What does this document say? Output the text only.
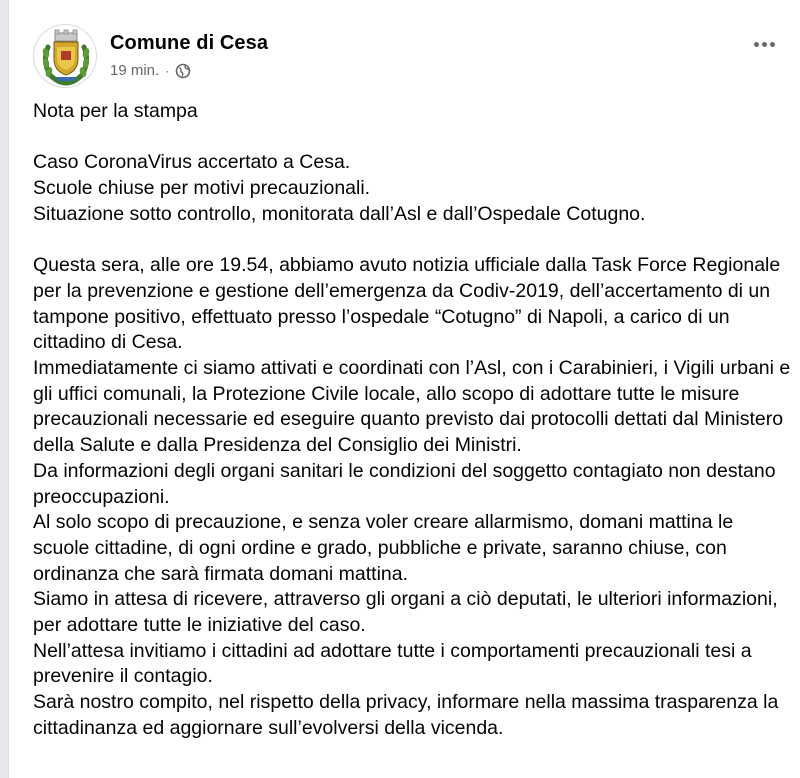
Comune di Cesa
19 min. ·

Nota per la stampa

Caso CoronaVirus accertato a Cesa.

Scuole chiuse per motivi precauzionali.

Situazione sotto controllo, monitorata dall’Asl e dall’Ospedale Cotugno.

Questa sera, alle ore 19.54, abbiamo avuto notizia ufficiale dalla Task Force Regionale per la prevenzione e gestione dell’emergenza da Codiv-2019, dell’accertamento di un tampone positivo, effettuato presso l’ospedale “Cotugno” di Napoli, a carico di un cittadino di Cesa.

Immediatamente ci siamo attivati e coordinati con l’Asl, con i Carabinieri, i Vigili urbani e gli uffici comunali, la Protezione Civile locale, allo scopo di adottare tutte le misure precauzionali necessarie ed eseguire quanto previsto dai protocolli dettati dal Ministero della Salute e dalla Presidenza del Consiglio dei Ministri.

Da informazioni degli organi sanitari le condizioni del soggetto contagiato non destano preoccupazioni.

Al solo scopo di precauzione, e senza voler creare allarmismo, domani mattina le scuole cittadine, di ogni ordine e grado, pubbliche e private, saranno chiuse, con ordinanza che sarà firmata domani mattina.

Siamo in attesa di ricevere, attraverso gli organi a ciò deputati, le ulteriori informazioni, per adottare tutte le iniziative del caso.

Nell’attesa invitiamo i cittadini ad adottare tutte i comportamenti precauzionali tesi a prevenire il contagio.

Sarà nostro compito, nel rispetto della privacy, informare nella massima trasparenza la cittadinanza ed aggiornare sull’evolversi della vicenda.
